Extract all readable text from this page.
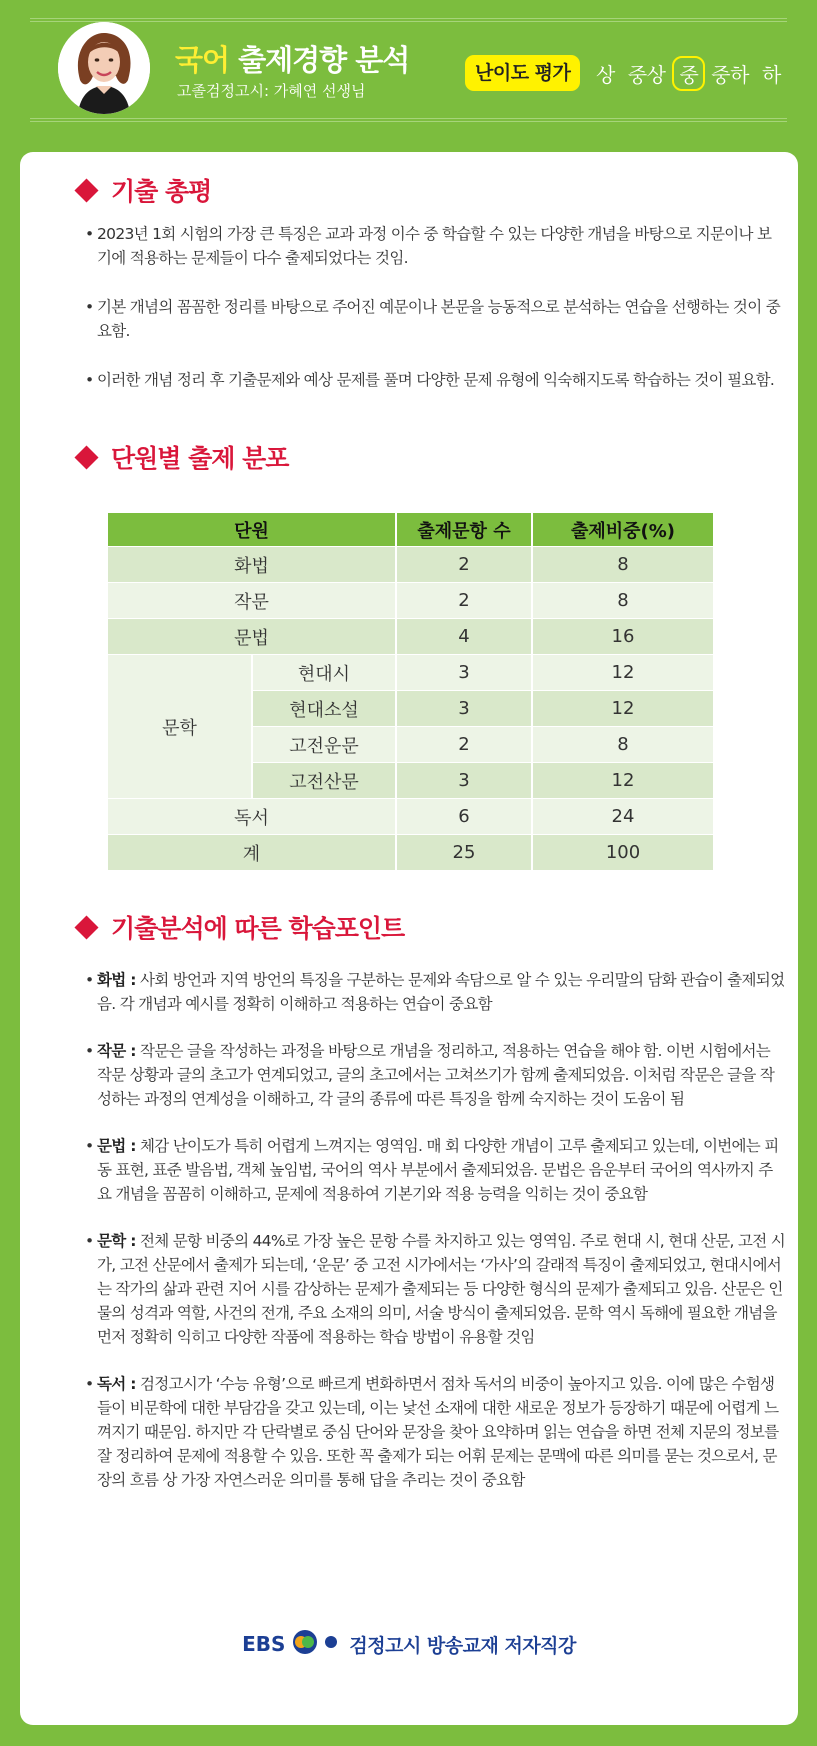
국어 출제경향 분석
고졸검정고시: 가혜연 선생님
난이도 평가	상 중상 중 중하 하
기출 총평
• 2023년 1회 시험의 가장 큰 특징은 교과 과정 이수 중 학습할 수 있는 다양한 개념을 바탕으로 지문이나 보기에 적용하는 문제들이 다수 출제되었다는 것임.
• 기본 개념의 꼼꼼한 정리를 바탕으로 주어진 예문이나 본문을 능동적으로 분석하는 연습을 선행하는 것이 중요함.
• 이러한 개념 정리 후 기출문제와 예상 문제를 풀며 다양한 문제 유형에 익숙해지도록 학습하는 것이 필요함.
단원별 출제 분포
단원		출제문항 수	출제비중(%)
화법		2	8
작문		2	8
문법		4	16
문학	현대시	3	12
	현대소설	3	12
	고전운문	2	8
	고전산문	3	12
독서		6	24
계		25	100
기출분석에 따른 학습포인트
• 화법 : 사회 방언과 지역 방언의 특징을 구분하는 문제와 속담으로 알 수 있는 우리말의 담화 관습이 출제되었음. 각 개념과 예시를 정확히 이해하고 적용하는 연습이 중요함
• 작문 : 작문은 글을 작성하는 과정을 바탕으로 개념을 정리하고, 적용하는 연습을 해야 함. 이번 시험에서는 작문 상황과 글의 초고가 연계되었고, 글의 초고에서는 고쳐쓰기가 함께 출제되었음. 이처럼 작문은 글을 작성하는 과정의 연계성을 이해하고, 각 글의 종류에 따른 특징을 함께 숙지하는 것이 도움이 됨
• 문법 : 체감 난이도가 특히 어렵게 느껴지는 영역임. 매 회 다양한 개념이 고루 출제되고 있는데, 이번에는 피동 표현, 표준 발음법, 객체 높임법, 국어의 역사 부분에서 출제되었음. 문법은 음운부터 국어의 역사까지 주요 개념을 꼼꼼히 이해하고, 문제에 적용하여 기본기와 적용 능력을 익히는 것이 중요함
• 문학 : 전체 문항 비중의 44%로 가장 높은 문항 수를 차지하고 있는 영역임. 주로 현대 시, 현대 산문, 고전 시가, 고전 산문에서 출제가 되는데, ‘운문’ 중 고전 시가에서는 ‘가사’의 갈래적 특징이 출제되었고, 현대시에서는 작가의 삶과 관련 지어 시를 감상하는 문제가 출제되는 등 다양한 형식의 문제가 출제되고 있음. 산문은 인물의 성격과 역할, 사건의 전개, 주요 소재의 의미, 서술 방식이 출제되었음. 문학 역시 독해에 필요한 개념을 먼저 정확히 익히고 다양한 작품에 적용하는 학습 방법이 유용할 것임
• 독서 : 검정고시가 ‘수능 유형’으로 빠르게 변화하면서 점차 독서의 비중이 높아지고 있음. 이에 많은 수험생들이 비문학에 대한 부담감을 갖고 있는데, 이는 낯선 소재에 대한 새로운 정보가 등장하기 때문에 어렵게 느껴지기 때문임. 하지만 각 단락별로 중심 단어와 문장을 찾아 요약하며 읽는 연습을 하면 전체 지문의 정보를 잘 정리하여 문제에 적용할 수 있음. 또한 꼭 출제가 되는 어휘 문제는 문맥에 따른 의미를 묻는 것으로서, 문장의 흐름 상 가장 자연스러운 의미를 통해 답을 추리는 것이 중요함
EBS	검정고시 방송교재 저자직강
